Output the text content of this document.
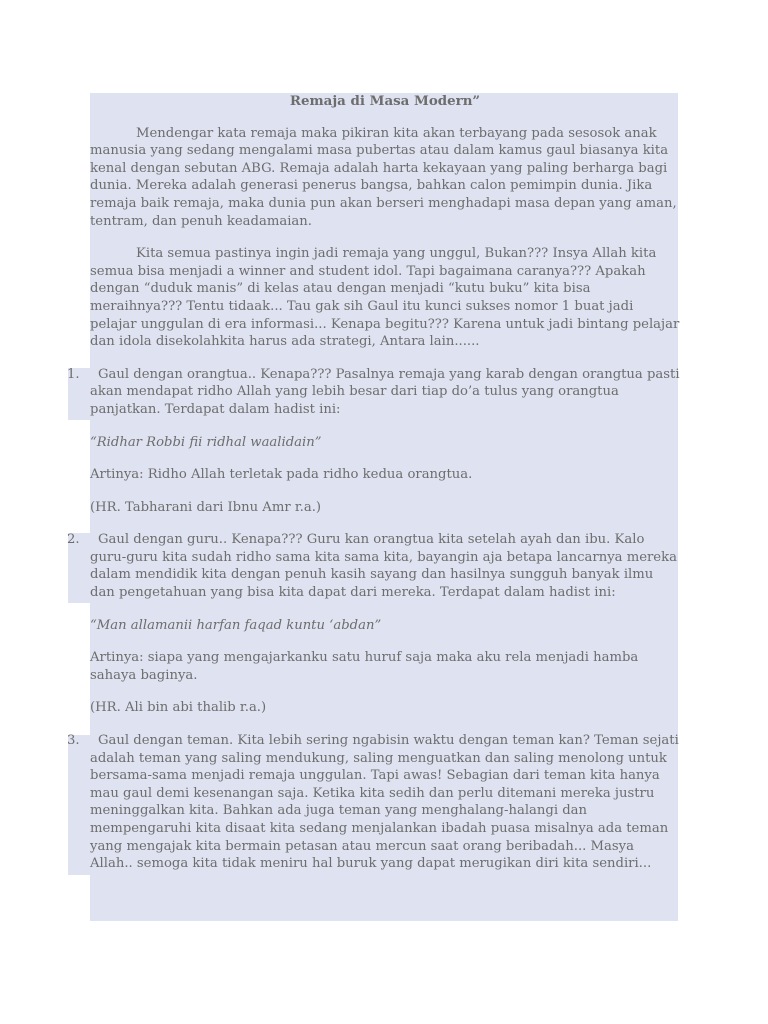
Remaja di Masa Modern”

Mendengar kata remaja maka pikiran kita akan terbayang pada sesosok anak manusia yang sedang mengalami masa pubertas atau dalam kamus gaul biasanya kita kenal dengan sebutan ABG. Remaja adalah harta kekayaan yang paling berharga bagi dunia. Mereka adalah generasi penerus bangsa, bahkan calon pemimpin dunia. Jika remaja baik remaja, maka dunia pun akan berseri menghadapi masa depan yang aman, tentram, dan penuh keadamaian.

Kita semua pastinya ingin jadi remaja yang unggul, Bukan??? Insya Allah kita semua bisa menjadi a winner and student idol. Tapi bagaimana caranya??? Apakah dengan “duduk manis” di kelas atau dengan menjadi “kutu buku” kita bisa meraihnya??? Tentu tidaak... Tau gak sih Gaul itu kunci sukses nomor 1 buat jadi pelajar unggulan di era informasi... Kenapa begitu??? Karena untuk jadi bintang pelajar dan idola disekolahkita harus ada strategi, Antara lain......

1.	Gaul dengan orangtua.. Kenapa??? Pasalnya remaja yang karab dengan orangtua pasti akan mendapat ridho Allah yang lebih besar dari tiap do’a tulus yang orangtua panjatkan. Terdapat dalam hadist ini:

“Ridhar Robbi fii ridhal waalidain”

Artinya: Ridho Allah terletak pada ridho kedua orangtua.

(HR. Tabharani dari Ibnu Amr r.a.)

2.	Gaul dengan guru.. Kenapa??? Guru kan orangtua kita setelah ayah dan ibu. Kalo guru-guru kita sudah ridho sama kita sama kita, bayangin aja betapa lancarnya mereka dalam mendidik kita dengan penuh kasih sayang dan hasilnya sungguh banyak ilmu dan pengetahuan yang bisa kita dapat dari mereka. Terdapat dalam hadist ini:

“Man allamanii harfan faqad kuntu ‘abdan”

Artinya: siapa yang mengajarkanku satu huruf saja maka aku rela menjadi hamba sahaya baginya.

(HR. Ali bin abi thalib r.a.)

3.	Gaul dengan teman. Kita lebih sering ngabisin waktu dengan teman kan? Teman sejati adalah teman yang saling mendukung, saling menguatkan dan saling menolong untuk bersama-sama menjadi remaja unggulan. Tapi awas! Sebagian dari teman kita hanya mau gaul demi kesenangan saja. Ketika kita sedih dan perlu ditemani mereka justru meninggalkan kita. Bahkan ada juga teman yang menghalang-halangi dan mempengaruhi kita disaat kita sedang menjalankan ibadah puasa misalnya ada teman yang mengajak kita bermain petasan atau mercun saat orang beribadah... Masya Allah.. semoga kita tidak meniru hal buruk yang dapat merugikan diri kita sendiri...
